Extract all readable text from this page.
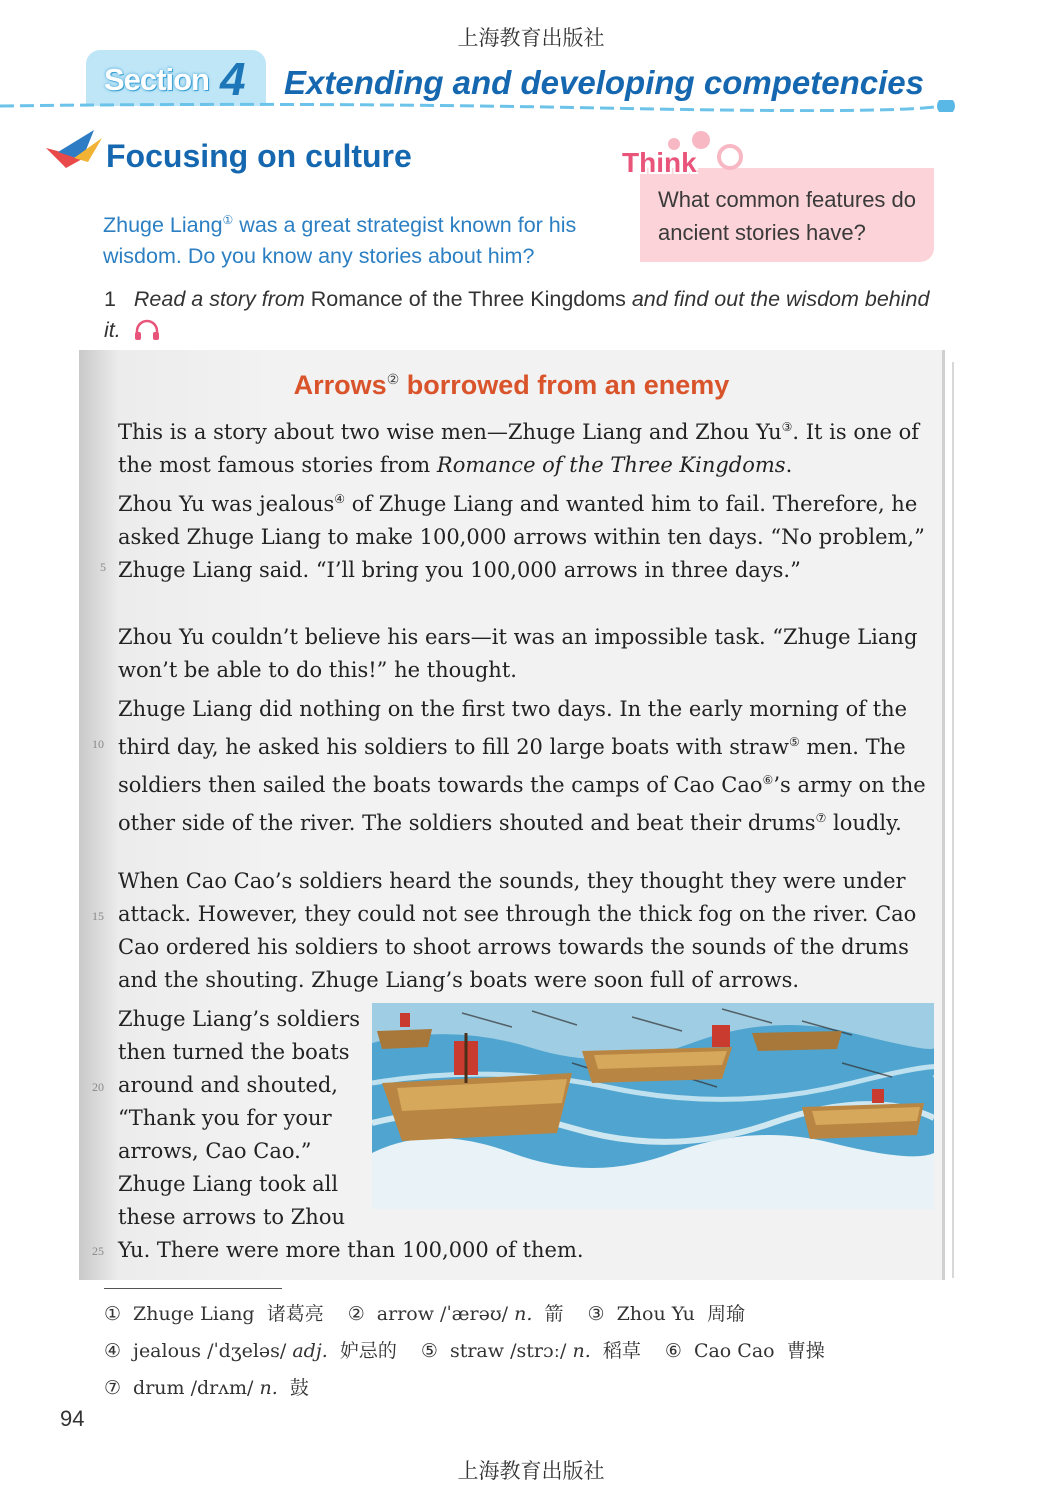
上海教育出版社
Section 4 Extending and developing competencies
Focusing on culture
Zhuge Liang① was a great strategist known for his wisdom. Do you know any stories about him?
Think
What common features do ancient stories have?
1 Read a story from Romance of the Three Kingdoms and find out the wisdom behind it.
Arrows② borrowed from an enemy
This is a story about two wise men—Zhuge Liang and Zhou Yu③. It is one of the most famous stories from Romance of the Three Kingdoms.
Zhou Yu was jealous④ of Zhuge Liang and wanted him to fail. Therefore, he asked Zhuge Liang to make 100,000 arrows within ten days. “No problem,” Zhuge Liang said. “I’ll bring you 100,000 arrows in three days.”
Zhou Yu couldn’t believe his ears—it was an impossible task. “Zhuge Liang won’t be able to do this!” he thought.
Zhuge Liang did nothing on the first two days. In the early morning of the third day, he asked his soldiers to fill 20 large boats with straw⑤ men. The soldiers then sailed the boats towards the camps of Cao Cao⑥’s army on the other side of the river. The soldiers shouted and beat their drums⑦ loudly.
When Cao Cao’s soldiers heard the sounds, they thought they were under attack. However, they could not see through the thick fog on the river. Cao Cao ordered his soldiers to shoot arrows towards the sounds of the drums and the shouting. Zhuge Liang’s boats were soon full of arrows.
Zhuge Liang’s soldiers
then turned the boats
around and shouted,
“Thank you for your
arrows, Cao Cao.”
Zhuge Liang took all
these arrows to Zhou
Yu. There were more than 100,000 of them.
5
10
15
20
25
① Zhuge Liang 诸葛亮 ② arrow /ˈærəʊ/ n. 箭 ③ Zhou Yu 周瑜
④ jealous /ˈdʒeləs/ adj. 妒忌的 ⑤ straw /strɔː/ n. 稻草 ⑥ Cao Cao 曹操
⑦ drum /drʌm/ n. 鼓
94
上海教育出版社
